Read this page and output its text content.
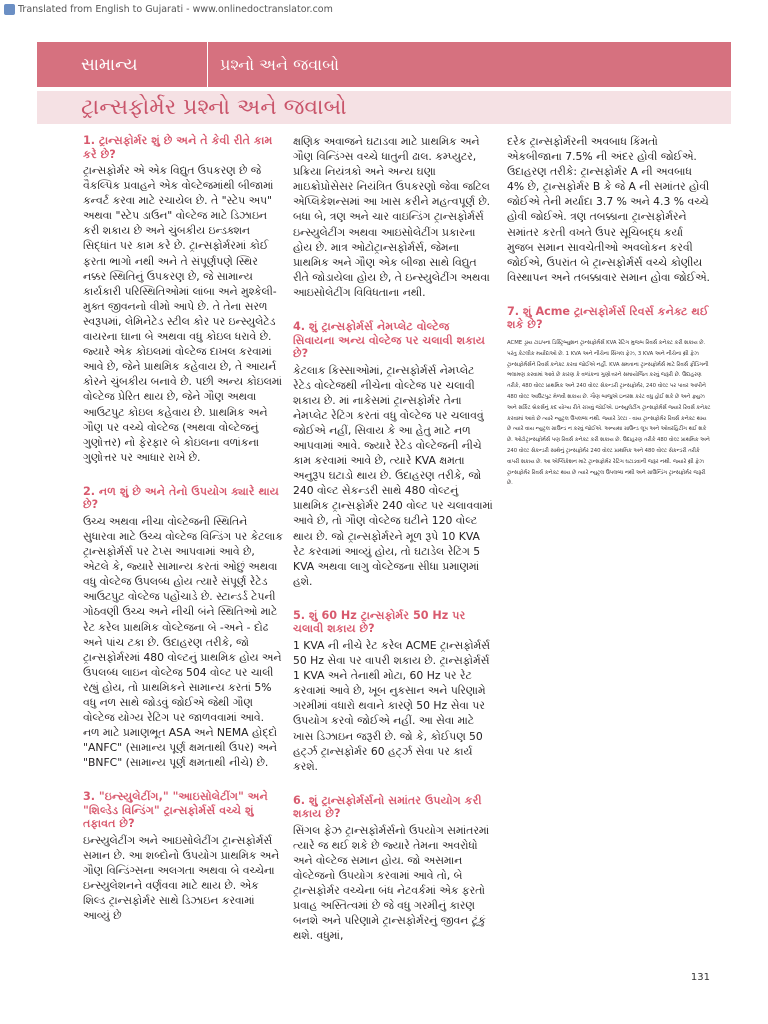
Translated from English to Gujarati - www.onlinedoctranslator.com
સામાન્ય	પ્રશ્નો અને જવાબો
ટ્રાન્સફોર્મર પ્રશ્નો અને જવાબો
1. ટ્રાન્સફોર્મર શું છે અને તે કેવી રીતે કામ કરે છે?

ટ્રાન્સફોર્મર એ એક વિદ્યુત ઉપકરણ છે જે વૈકલ્પિક પ્રવાહને એક વોલ્ટેજમાંથી બીજામાં કન્વર્ટ કરવા માટે રચાયેલ છે. તે "સ્ટેપ અપ" અથવા "સ્ટેપ ડાઉન" વોલ્ટેજ માટે ડિઝાઇન કરી શકાય છે અને ચુંબકીય ઇન્ડક્શન સિદ્ધાંત પર કામ કરે છે. ટ્રાન્સફોર્મરમાં કોઈ ફરતા ભાગો નથી અને તે સંપૂર્ણપણે સ્થિર નક્કર સ્થિતિનું ઉપકરણ છે, જે સામાન્ય કાર્યકારી પરિસ્થિતિઓમાં લાંબા અને મુશ્કેલી-મુક્ત જીવનનો વીમો આપે છે. તે તેના સરળ સ્વરૂપમાં, લેમિનેટેડ સ્ટીલ કોર પર ઇન્સ્યુલેટેડ વાયરના ઘાના બે અથવા વધુ કોઇલ ધરાવે છે. જ્યારે એક કોઇલમાં વોલ્ટેજ દાખલ કરવામાં આવે છે, જેને પ્રાથમિક કહેવાય છે, તે આયર્ન કોરને ચુંબકીય બનાવે છે. પછી અન્ય કોઇલમાં વોલ્ટેજ પ્રેરિત થાય છે, જેને ગૌણ અથવા આઉટપુટ કોઇલ કહેવાય છે. પ્રાથમિક અને ગૌણ પર વચ્ચે વોલ્ટેજ (અથવા વોલ્ટેજનું ગુણોત્તર) નો ફેરફાર બે કોઇલના વળાંકના ગુણોત્તર પર આધાર રાખે છે.

2. નળ શું છે અને તેનો ઉપયોગ ક્યારે થાય છે?

ઉચ્ચ અથવા નીચા વોલ્ટેજની સ્થિતિને સુધારવા માટે ઉચ્ચ વોલ્ટેજ વિન્ડિંગ પર કેટલાક ટ્રાન્સફોર્મર્સ પર ટેપ્સ આપવામાં આવે છે, એટલે કે, જ્યારે સામાન્ય કરતાં ઓછું અથવા વધુ વોલ્ટેજ ઉપલબ્ધ હોય ત્યારે સંપૂર્ણ રેટેડ આઉટપુટ વોલ્ટેજ પહોંચાડે છે. સ્ટાન્ડર્ડ ટેપની ગોઠવણી ઉચ્ચ અને નીચી બંને સ્થિતિઓ માટે રેટ કરેલ પ્રાથમિક વોલ્ટેજના બે -અને - દોઢ અને પાંચ ટકા છે. ઉદાહરણ તરીકે, જો ટ્રાન્સફોર્મરમાં 480 વોલ્ટનું પ્રાથમિક હોય અને ઉપલબ્ધ લાઇન વોલ્ટેજ 504 વોલ્ટ પર ચાલી રહ્યું હોય, તો પ્રાથમિકને સામાન્ય કરતાં 5% વધુ નળ સાથે જોડવું જોઈએ જેથી ગૌણ વોલ્ટેજ યોગ્ય રેટિંગ પર જાળવવામાં આવે. નળ માટે પ્રમાણભૂત ASA અને NEMA હોદ્દો "ANFC" (સામાન્ય પૂર્ણ ક્ષમતાથી ઉપર) અને "BNFC" (સામાન્ય પૂર્ણ ક્ષમતાથી નીચે) છે.

3. "ઇન્સ્યુલેટીંગ," "આઇસોલેટીંગ" અને "શિલ્ડેડ વિન્ડિંગ" ટ્રાન્સફોર્મર્સ વચ્ચે શું તફાવત છે?

ઇન્સ્યુલેટીંગ અને આઇસોલેટીંગ ટ્રાન્સફોર્મર્સ સમાન છે. આ શબ્દોનો ઉપયોગ પ્રાથમિક અને ગૌણ વિન્ડિંગ્સના અલગતા અથવા બે વચ્ચેના ઇન્સ્યુલેશનને વર્ણવવા માટે થાય છે. એક શિલ્ડ ટ્રાન્સફોર્મર સાથે ડિઝાઇન કરવામાં આવ્યું છે

ક્ષણિક અવાજને ઘટાડવા માટે પ્રાથમિક અને ગૌણ વિન્ડિંગ્સ વચ્ચે ધાતુની ઢાલ. કમ્પ્યુટર, પ્રક્રિયા નિયંત્રકો અને અન્ય ઘણા માઇક્રોપ્રોસેસર નિયંત્રિત ઉપકરણો જેવા જટિલ એપ્લિકેશન્સમાં આ ખાસ કરીને મહત્વપૂર્ણ છે. બધા બે, ત્રણ અને ચાર વાઇન્ડિંગ ટ્રાન્સફોર્મર્સ ઇન્સ્યુલેટીંગ અથવા આઇસોલેટીંગ પ્રકારના હોય છે. માત્ર ઓટોટ્રાન્સફોર્મર્સ, જેમના પ્રાથમિક અને ગૌણ એક બીજા સાથે વિદ્યુત રીતે જોડાયેલા હોય છે, તે ઇન્સ્યુલેટીંગ અથવા આઇસોલેટીંગ વિવિધતાના નથી.

4. શું ટ્રાન્સફોર્મર્સ નેમપ્લેટ વોલ્ટેજ સિવાયના અન્ય વોલ્ટેજ પર ચલાવી શકાય છે?

કેટલાક કિસ્સાઓમાં, ટ્રાન્સફોર્મર્સ નેમપ્લેટ રેટેડ વોલ્ટેજથી નીચેના વોલ્ટેજ પર ચલાવી શકાય છે. માં નાકેસમાં ટ્રાન્સફોર્મર તેના નેમપ્લેટ રેટિંગ કરતાં વધુ વોલ્ટેજ પર ચલાવવું જોઈએ નહીં, સિવાય કે આ હેતુ માટે નળ આપવામાં આવે. જ્યારે રેટેડ વોલ્ટેજની નીચે કામ કરવામાં આવે છે, ત્યારે KVA ક્ષમતા અનુરૂપ ઘટાડો થાય છે. ઉદાહરણ તરીકે, જો 240 વોલ્ટ સેકન્ડરી સાથે 480 વોલ્ટનું પ્રાથમિક ટ્રાન્સફોર્મર 240 વોલ્ટ પર ચલાવવામાં આવે છે, તો ગૌણ વોલ્ટેજ ઘટીને 120 વોલ્ટ થાય છે. જો ટ્રાન્સફોર્મરને મૂળ રૂપે 10 KVA રેટ કરવામાં આવ્યું હોય, તો ઘટાડેલ રેટિંગ 5 KVA અથવા લાગુ વોલ્ટેજના સીધા પ્રમાણમાં હશે.

5. શું 60 Hz ટ્રાન્સફોર્મર 50 Hz પર ચલાવી શકાય છે?

1 KVA ની નીચે રેટ કરેલ ACME ટ્રાન્સફોર્મર્સ 50 Hz સેવા પર વાપરી શકાય છે. ટ્રાન્સફોર્મર્સ 1 KVA અને તેનાથી મોટા, 60 Hz પર રેટ કરવામાં આવે છે, ખૂબ નુકસાન અને પરિણામે ગરમીમાં વધારો થવાને કારણે 50 Hz સેવા પર ઉપયોગ કરવો જોઈએ નહીં. આ સેવા માટે ખાસ ડિઝાઇન જરૂરી છે. જો કે, કોઈપણ 50 હર્ટ્ઝ ટ્રાન્સફોર્મર 60 હર્ટ્ઝ સેવા પર કાર્ય કરશે.

6. શું ટ્રાન્સફોર્મર્સનો સમાંતર ઉપયોગ કરી શકાય છે?

સિંગલ ફેઝ ટ્રાન્સફોર્મર્સનો ઉપયોગ સમાંતરમાં ત્યારે જ થઈ શકે છે જ્યારે તેમના અવરોધો અને વોલ્ટેજ સમાન હોય. જો અસમાન વોલ્ટેજનો ઉપયોગ કરવામાં આવે તો, બે ટ્રાન્સફોર્મર વચ્ચેના બંધ નેટવર્કમાં એક ફરતો પ્રવાહ અસ્તિત્વમાં છે જે વધુ ગરમીનું કારણ બનશે અને પરિણામે ટ્રાન્સફોર્મરનું જીવન ટૂંકું થશે. વધુમાં,

દરેક ટ્રાન્સફોર્મરની અવબાધ કિંમતો એકબીજાના 7.5% ની અંદર હોવી જોઈએ. ઉદાહરણ તરીકે: ટ્રાન્સફોર્મર A ની અવબાધ 4% છે, ટ્રાન્સફોર્મર B કે જે A ની સમાંતર હોવી જોઈએ તેની મર્યાદા 3.7 % અને 4.3 % વચ્ચે હોવી જોઈએ. ત્રણ તબક્કાના ટ્રાન્સફોર્મરને સમાંતર કરતી વખતે ઉપર સૂચિબદ્ધ કર્યા મુજબ સમાન સાવચેતીઓ અવલોકન કરવી જોઈએ, ઉપરાંત બે ટ્રાન્સફોર્મર્સ વચ્ચે કોણીય વિસ્થાપન અને તબક્કાવાર સમાન હોવા જોઈએ.

7. શું Acme ટ્રાન્સફોર્મર્સ રિવર્સ કનેક્ટ થઈ શકે છે?

ACME ડ્રાય ટાઇપના ડિસ્ટ્રિબ્યુશન ટ્રાન્સફોર્મર્સ KVA રેટિંગ મુજબ રિવર્સ કનેક્ટ કરી શકાય છે. પરંતુ કેટલીક મર્યાદાઓ છે. 1 KVA અને નીચેના સિંગલ ફેઝ, 3 KVA અને નીચેના થ્રી ફેઝ ટ્રાન્સફોર્મર્સને રિવર્સ કનેક્ટ કરવા જોઈએ નહીં. KVA ક્ષમતાના ટ્રાન્સફોર્મર્સ માટે રિવર્સ ફીડિંગની ભલામણ કરવામાં આવે છે કારણ કે વળાંકના ગુણોત્તરને સમાયોજિત કરવું જરૂરી છે. ઉદાહરણ તરીકે, 480 વોલ્ટ પ્રાથમિક અને 240 વોલ્ટ સેકન્ડરી ટ્રાન્સફોર્મર, 240 વોલ્ટ પર પાવર આપીને 480 વોલ્ટ આઉટપુટ મેળવી શકાય છે. ગૌણ બાજુએ ઇનરશ કરંટ વધુ હોઈ શકે છે અને ફ્યુઝ અને સર્કિટ બ્રેકર્સનું કદ યોગ્ય રીતે રાખવું જોઈએ. ઇન્સ્યુલેટીંગ ટ્રાન્સફોર્મર્સ જ્યારે રિવર્સ કનેક્ટ કરવામાં આવે છે ત્યારે ન્યુટ્રલ ઉપલબ્ધ નથી. જ્યારે ડેલ્ટા - વાય ટ્રાન્સફોર્મર રિવર્સ કનેક્ટ થાય છે ત્યારે વાય ન્યુટ્રલ ગ્રાઉન્ડ ન કરવું જોઈએ. અન્યથા ગ્રાઉન્ડ લૂપ અને ઓવરહિટીંગ થઈ શકે છે. ઓટોટ્રાન્સફોર્મર્સ પણ રિવર્સ કનેક્ટ કરી શકાય છે. ઉદાહરણ તરીકે 480 વોલ્ટ પ્રાથમિક અને 240 વોલ્ટ સેકન્ડરી સાથેનું ટ્રાન્સફોર્મર 240 વોલ્ટ પ્રાથમિક અને 480 વોલ્ટ સેકન્ડરી તરીકે વાપરી શકાય છે. આ એપ્લિકેશન માટે ટ્રાન્સફોર્મર રેટિંગ ઘટાડવાની જરૂર નથી. જ્યારે થ્રી ફેઝ ટ્રાન્સફોર્મર રિવર્સ કનેક્ટ થાય છે ત્યારે ન્યુટ્રલ ઉપલબ્ધ નથી અને ગ્રાઉન્ડિંગ ટ્રાન્સફોર્મર જરૂરી છે.

131
